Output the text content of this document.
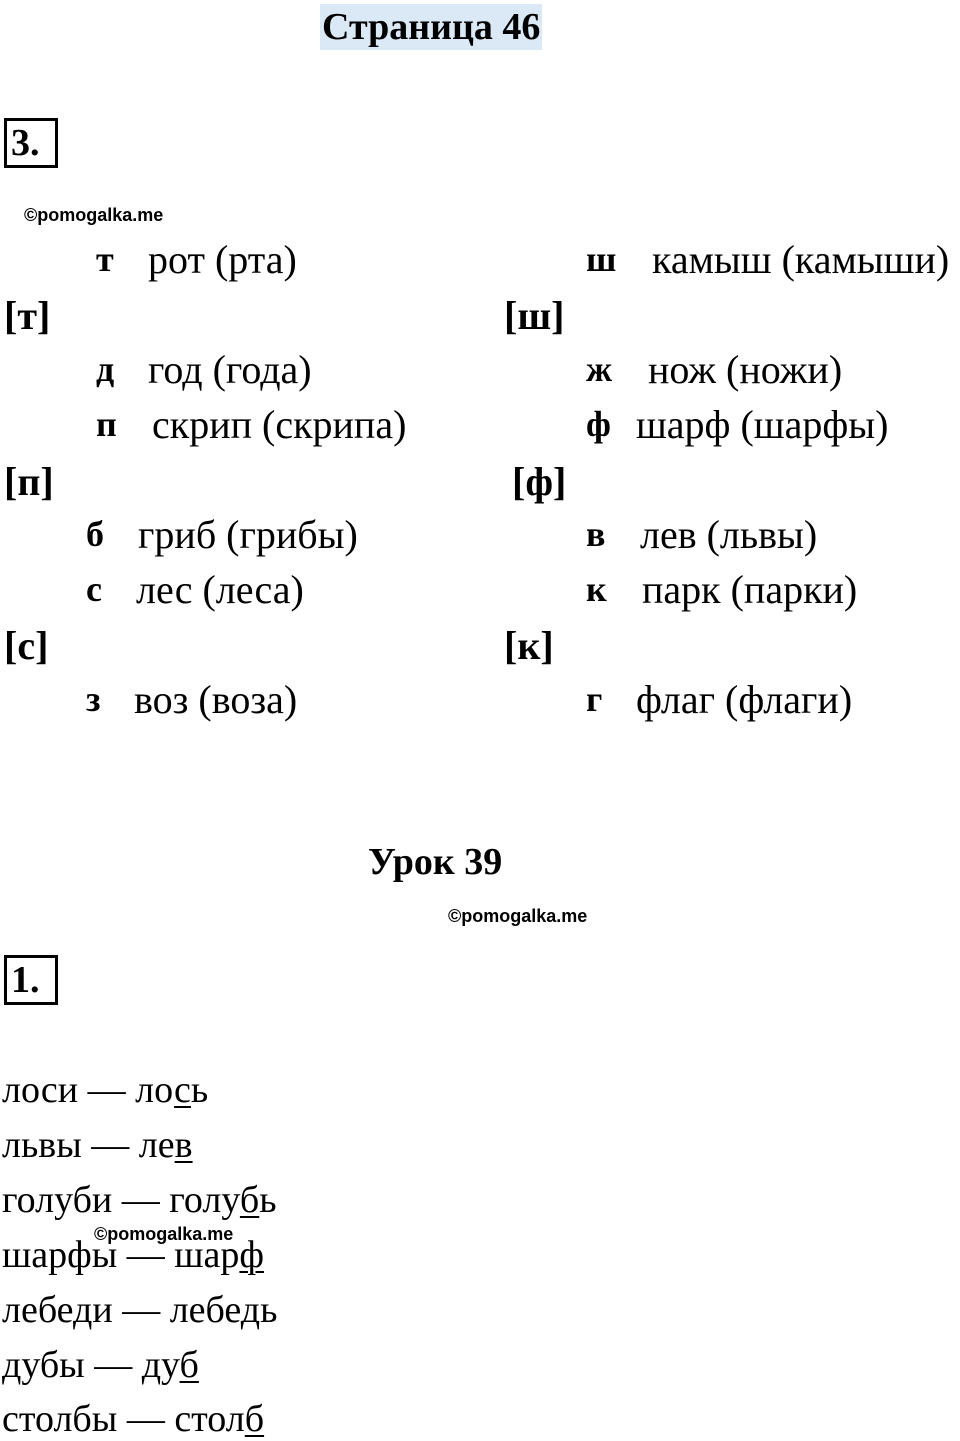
Страница 46
3.
©pomogalka.me
т рот (рта)
[т]
д год (года)
п скрип (скрипа)
[п]
б гриб (грибы)
с лес (леса)
[с]
з воз (воза)
ш камыш (камыши)
[ш]
ж нож (ножи)
ф шарф (шарфы)
[ф]
в лев (львы)
к парк (парки)
[к]
г флаг (флаги)
Урок 39
©pomogalka.me
1.
лоси — лось
львы — лев
голуби — голубь
©pomogalka.me
шарфы — шарф
лебеди — лебедь
дубы — дуб
столбы — столб
